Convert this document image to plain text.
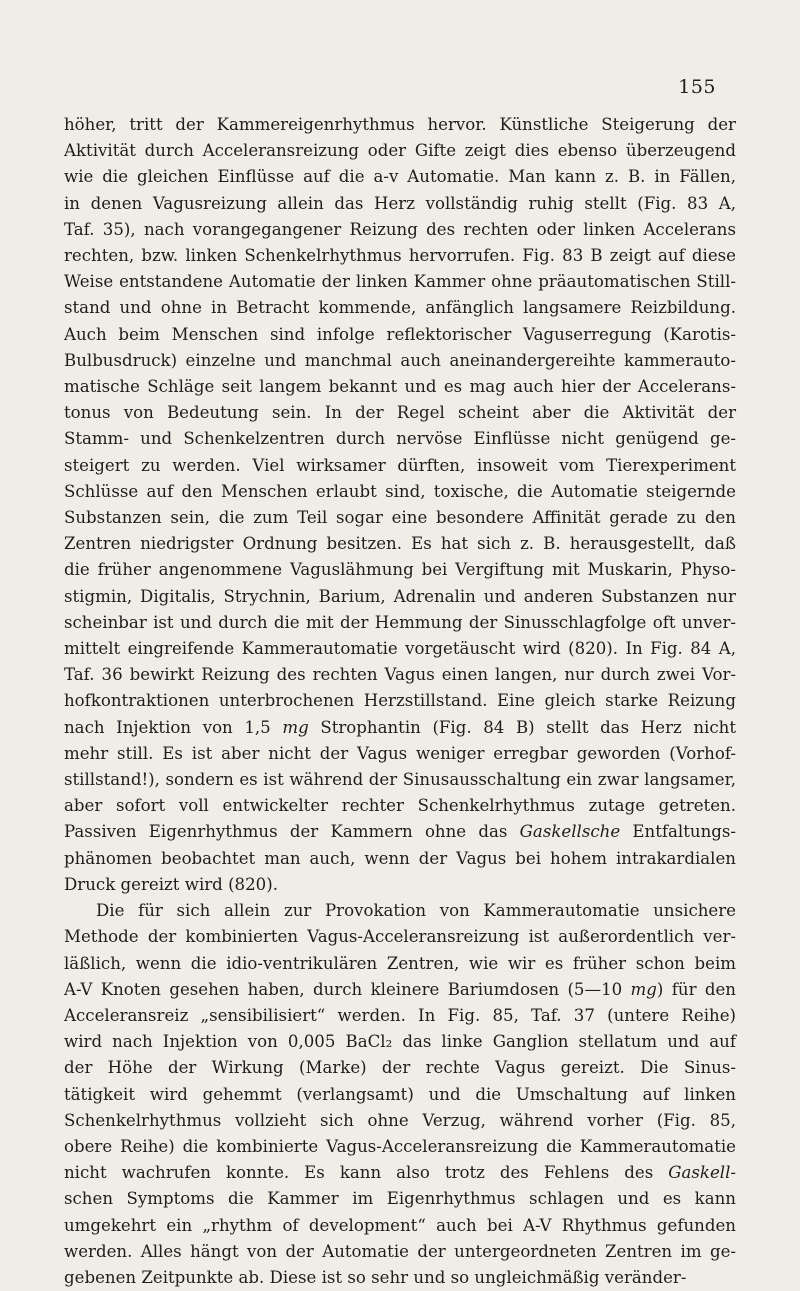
155
höher, tritt der Kammereigenrhythmus hervor. Künstliche Steigerung der
Aktivität durch Acceleransreizung oder Gifte zeigt dies ebenso überzeugend
wie die gleichen Einflüsse auf die a-v Automatie. Man kann z. B. in Fällen,
in denen Vagusreizung allein das Herz vollständig ruhig stellt (Fig. 83 A,
Taf. 35), nach vorangegangener Reizung des rechten oder linken Accelerans
rechten, bzw. linken Schenkelrhythmus hervorrufen. Fig. 83 B zeigt auf diese
Weise entstandene Automatie der linken Kammer ohne präautomatischen Still-
stand und ohne in Betracht kommende, anfänglich langsamere Reizbildung.
Auch beim Menschen sind infolge reflektorischer Vaguserregung (Karotis-
Bulbusdruck) einzelne und manchmal auch aneinandergereihte kammerauto-
matische Schläge seit langem bekannt und es mag auch hier der Accelerans-
tonus von Bedeutung sein. In der Regel scheint aber die Aktivität der
Stamm- und Schenkelzentren durch nervöse Einflüsse nicht genügend ge-
steigert zu werden. Viel wirksamer dürften, insoweit vom Tierexperiment
Schlüsse auf den Menschen erlaubt sind, toxische, die Automatie steigernde
Substanzen sein, die zum Teil sogar eine besondere Affinität gerade zu den
Zentren niedrigster Ordnung besitzen. Es hat sich z. B. herausgestellt, daß
die früher angenommene Vaguslähmung bei Vergiftung mit Muskarin, Physo-
stigmin, Digitalis, Strychnin, Barium, Adrenalin und anderen Substanzen nur
scheinbar ist und durch die mit der Hemmung der Sinusschlagfolge oft unver-
mittelt eingreifende Kammerautomatie vorgetäuscht wird (820). In Fig. 84 A,
Taf. 36 bewirkt Reizung des rechten Vagus einen langen, nur durch zwei Vor-
hofkontraktionen unterbrochenen Herzstillstand. Eine gleich starke Reizung
nach Injektion von 1,5 mg Strophantin (Fig. 84 B) stellt das Herz nicht
mehr still. Es ist aber nicht der Vagus weniger erregbar geworden (Vorhof-
stillstand!), sondern es ist während der Sinusausschaltung ein zwar langsamer,
aber sofort voll entwickelter rechter Schenkelrhythmus zutage getreten.
Passiven Eigenrhythmus der Kammern ohne das Gaskellsche Entfaltungs-
phänomen beobachtet man auch, wenn der Vagus bei hohem intrakardialen
Druck gereizt wird (820).
Die für sich allein zur Provokation von Kammerautomatie unsichere
Methode der kombinierten Vagus-Acceleransreizung ist außerordentlich ver-
läßlich, wenn die idio-ventrikulären Zentren, wie wir es früher schon beim
A-V Knoten gesehen haben, durch kleinere Bariumdosen (5—10 mg) für den
Acceleransreiz „sensibilisiert“ werden. In Fig. 85, Taf. 37 (untere Reihe)
wird nach Injektion von 0,005 BaCl₂ das linke Ganglion stellatum und auf
der Höhe der Wirkung (Marke) der rechte Vagus gereizt. Die Sinus-
tätigkeit wird gehemmt (verlangsamt) und die Umschaltung auf linken
Schenkelrhythmus vollzieht sich ohne Verzug, während vorher (Fig. 85,
obere Reihe) die kombinierte Vagus-Acceleransreizung die Kammerautomatie
nicht wachrufen konnte. Es kann also trotz des Fehlens des Gaskell-
schen Symptoms die Kammer im Eigenrhythmus schlagen und es kann
umgekehrt ein „rhythm of development“ auch bei A-V Rhythmus gefunden
werden. Alles hängt von der Automatie der untergeordneten Zentren im ge-
gebenen Zeitpunkte ab. Diese ist so sehr und so ungleichmäßig veränder-
